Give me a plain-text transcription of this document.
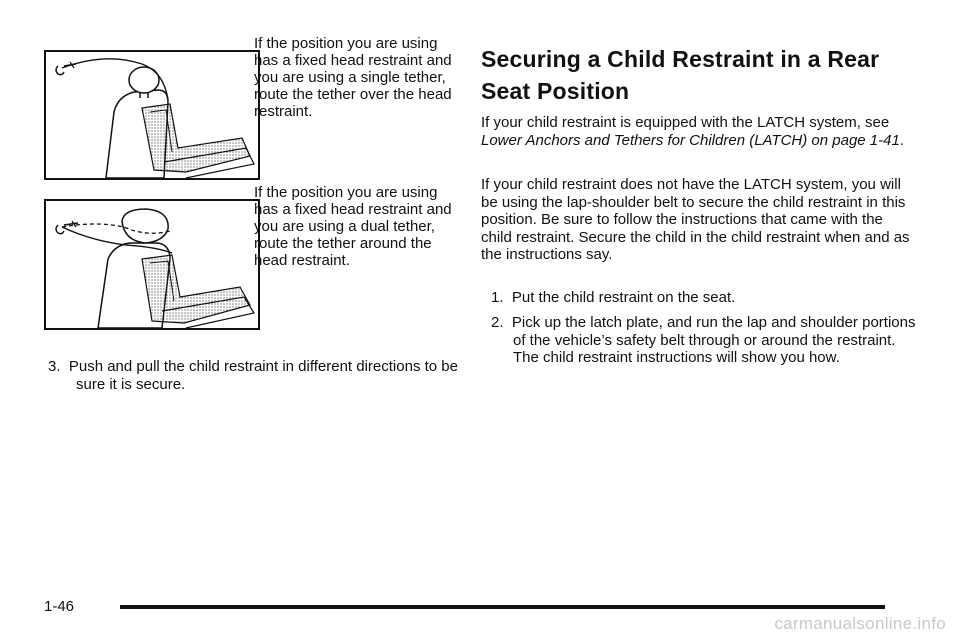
If the position you are using has a fixed head restraint and you are using a single tether, route the tether over the head restraint.

If the position you are using has a fixed head restraint and you are using a dual tether, route the tether around the head restraint.

3. Push and pull the child restraint in different directions to be sure it is secure.

Securing a Child Restraint in a Rear Seat Position

If your child restraint is equipped with the LATCH system, see Lower Anchors and Tethers for Children (LATCH) on page 1-41.

If your child restraint does not have the LATCH system, you will be using the lap-shoulder belt to secure the child restraint in this position. Be sure to follow the instructions that came with the child restraint. Secure the child in the child restraint when and as the instructions say.

1. Put the child restraint on the seat.

2. Pick up the latch plate, and run the lap and shoulder portions of the vehicle’s safety belt through or around the restraint. The child restraint instructions will show you how.

1-46

carmanualsonline.info
